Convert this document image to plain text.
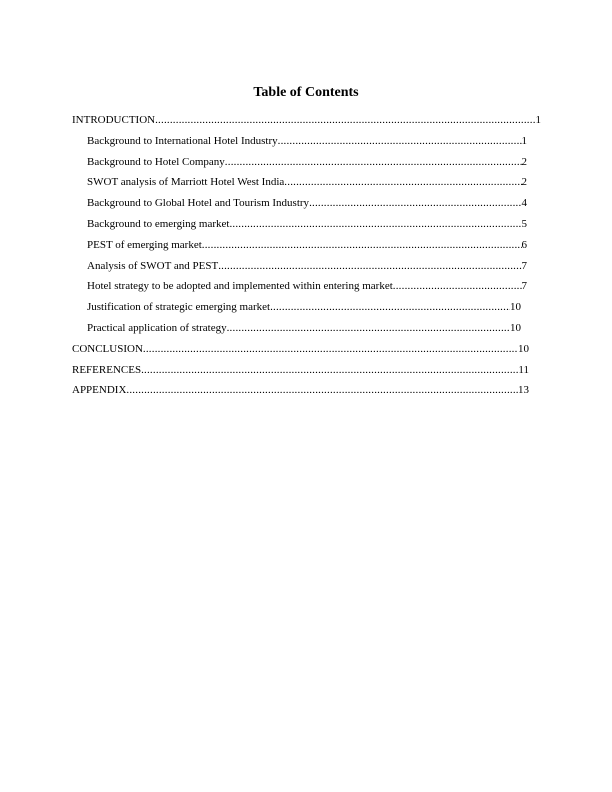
Table of Contents
INTRODUCTION .....	1
Background to International Hotel Industry .....	1
Background to Hotel Company .....	2
SWOT analysis of Marriott Hotel West India .....	2
Background to Global Hotel and Tourism Industry .....	4
Background to emerging market .....	5
PEST of emerging market .....	6
Analysis of SWOT and PEST .....	7
Hotel strategy to be adopted and implemented within entering market .....	7
Justification of strategic emerging market .....	10
Practical application of strategy .....	10
CONCLUSION .....	10
REFERENCES .....	11
APPENDIX .....	13
